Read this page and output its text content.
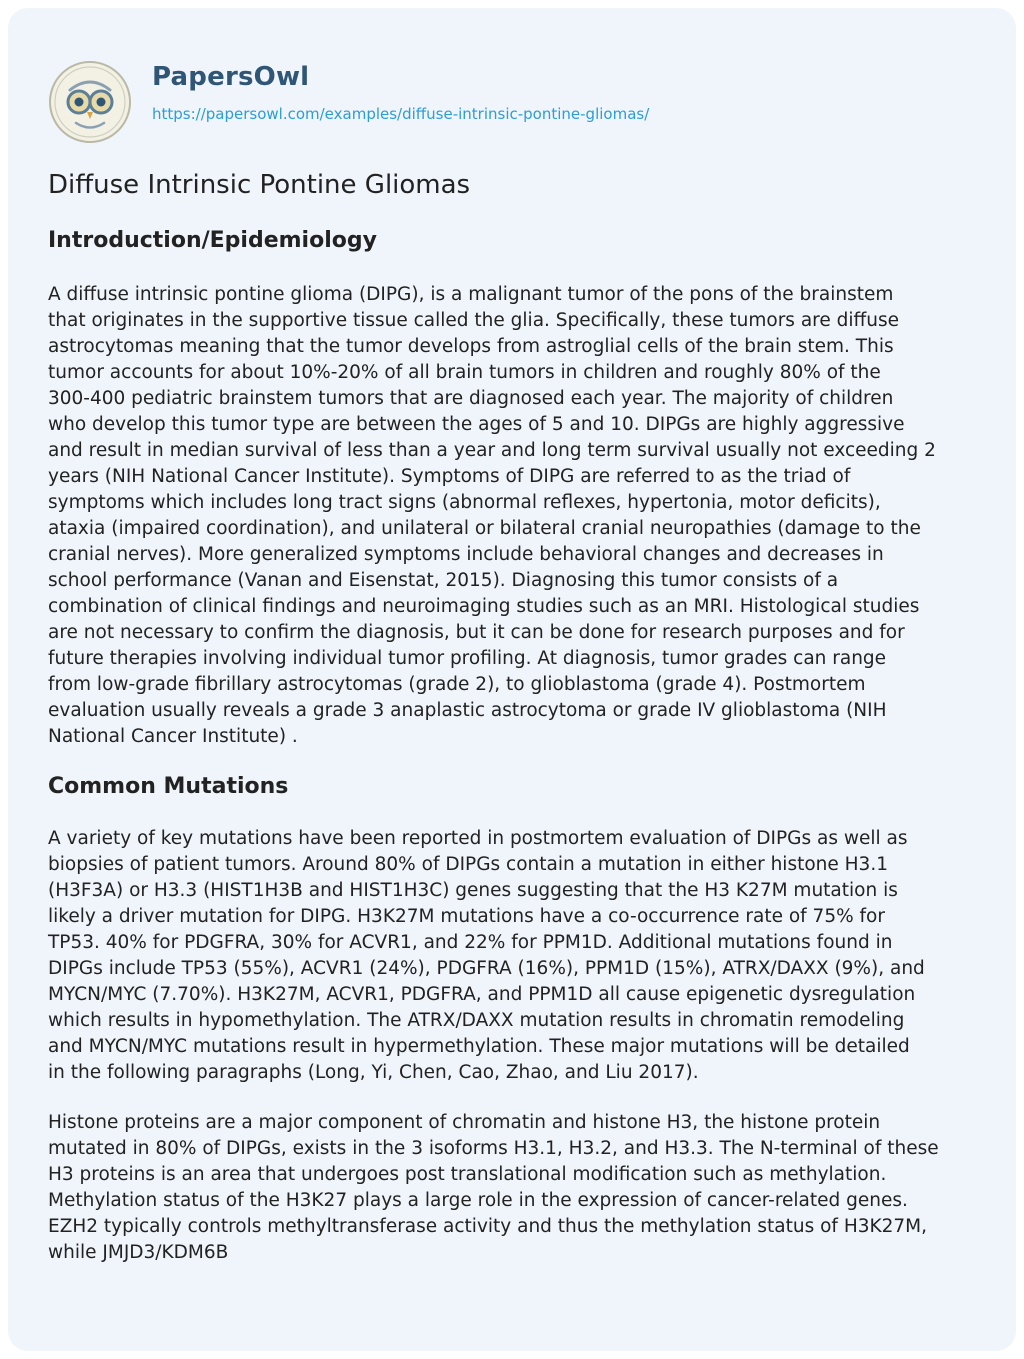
PapersOwl
https://papersowl.com/examples/diffuse-intrinsic-pontine-gliomas/
Diffuse Intrinsic Pontine Gliomas
Introduction/Epidemiology

A diffuse intrinsic pontine glioma (DIPG), is a malignant tumor of the pons of the brainstem
that originates in the supportive tissue called the glia. Specifically, these tumors are diffuse
astrocytomas meaning that the tumor develops from astroglial cells of the brain stem. This
tumor accounts for about 10%-20% of all brain tumors in children and roughly 80% of the
300-400 pediatric brainstem tumors that are diagnosed each year. The majority of children
who develop this tumor type are between the ages of 5 and 10. DIPGs are highly aggressive
and result in median survival of less than a year and long term survival usually not exceeding 2
years (NIH National Cancer Institute). Symptoms of DIPG are referred to as the triad of
symptoms which includes long tract signs (abnormal reflexes, hypertonia, motor deficits),
ataxia (impaired coordination), and unilateral or bilateral cranial neuropathies (damage to the
cranial nerves). More generalized symptoms include behavioral changes and decreases in
school performance (Vanan and Eisenstat, 2015). Diagnosing this tumor consists of a
combination of clinical findings and neuroimaging studies such as an MRI. Histological studies
are not necessary to confirm the diagnosis, but it can be done for research purposes and for
future therapies involving individual tumor profiling. At diagnosis, tumor grades can range
from low-grade fibrillary astrocytomas (grade 2), to glioblastoma (grade 4). Postmortem
evaluation usually reveals a grade 3 anaplastic astrocytoma or grade IV glioblastoma (NIH
National Cancer Institute) .

Common Mutations

A variety of key mutations have been reported in postmortem evaluation of DIPGs as well as
biopsies of patient tumors. Around 80% of DIPGs contain a mutation in either histone H3.1
(H3F3A) or H3.3 (HIST1H3B and HIST1H3C) genes suggesting that the H3 K27M mutation is
likely a driver mutation for DIPG. H3K27M mutations have a co-occurrence rate of 75% for
TP53. 40% for PDGFRA, 30% for ACVR1, and 22% for PPM1D. Additional mutations found in
DIPGs include TP53 (55%), ACVR1 (24%), PDGFRA (16%), PPM1D (15%), ATRX/DAXX (9%), and
MYCN/MYC (7.70%). H3K27M, ACVR1, PDGFRA, and PPM1D all cause epigenetic dysregulation
which results in hypomethylation. The ATRX/DAXX mutation results in chromatin remodeling
and MYCN/MYC mutations result in hypermethylation. These major mutations will be detailed
in the following paragraphs (Long, Yi, Chen, Cao, Zhao, and Liu 2017).

Histone proteins are a major component of chromatin and histone H3, the histone protein
mutated in 80% of DIPGs, exists in the 3 isoforms H3.1, H3.2, and H3.3. The N-terminal of these
H3 proteins is an area that undergoes post translational modification such as methylation.
Methylation status of the H3K27 plays a large role in the expression of cancer-related genes.
EZH2 typically controls methyltransferase activity and thus the methylation status of H3K27M,
while JMJD3/KDM6B
